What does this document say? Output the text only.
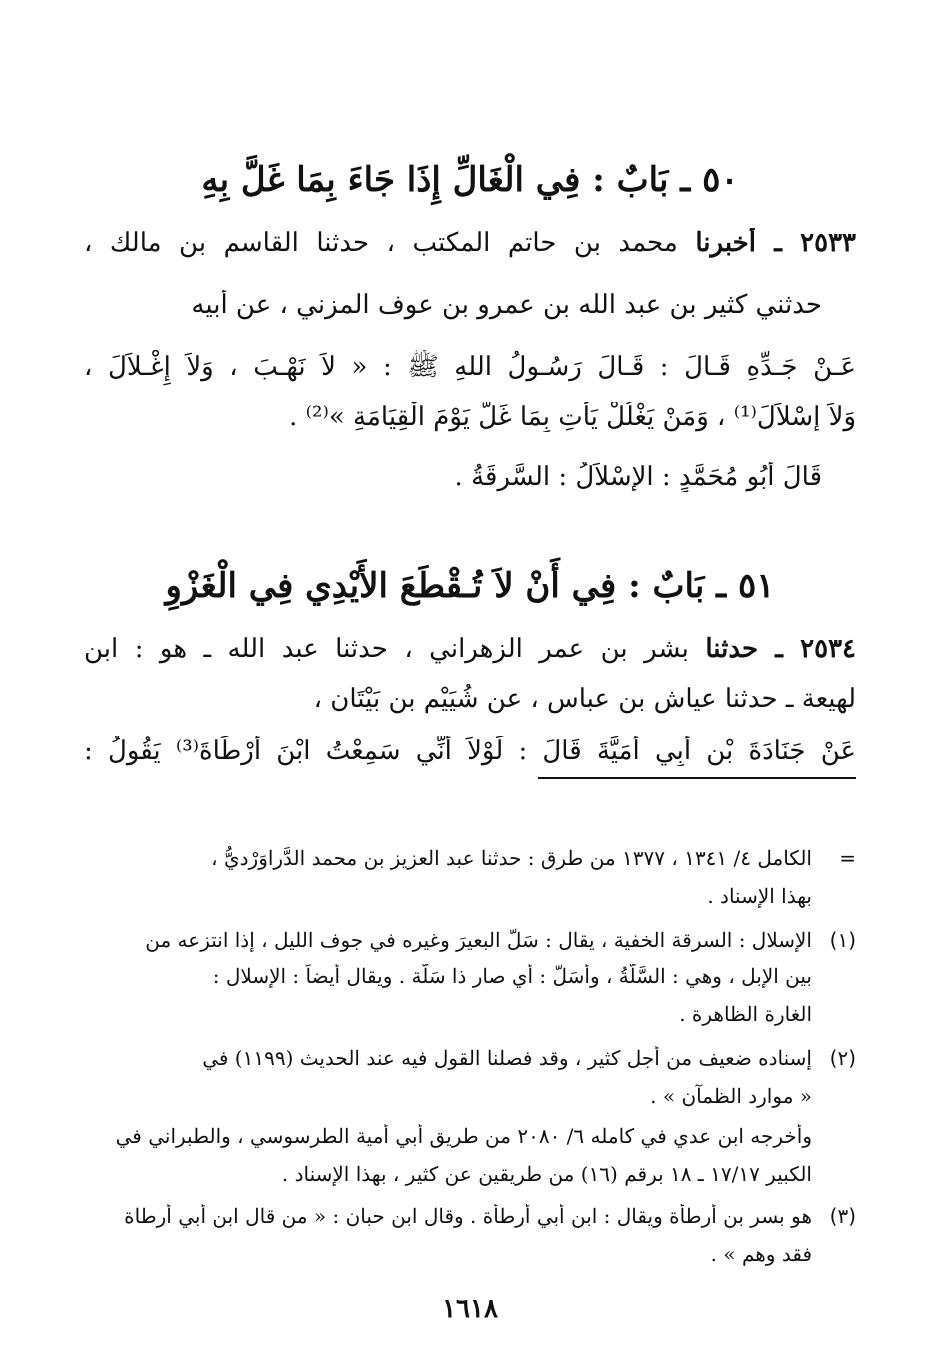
٥٠ ـ بَابٌ : فِي الْغَالِّ إِذَا جَاءَ بِمَا غَلَّ بِهِ
٢٥٣٣ ـ أخبرنا محمد بن حاتم المكتب ، حدثنا القاسم بن مالك ،
حدثني كثير بن عبد الله بن عمرو بن عوف المزني ، عن أبيه
عَـنْ جَـدِّهِ قَـالَ : قَـالَ رَسُـولُ اللهِ ﷺ : « لاَ نَهْـبَ ، وَلاَ إِغْـلاَلَ ،
وَلاَ إِسْلاَلَ⁽¹⁾ ، وَمَنْ يَغْلُلْ يَأْتِ بِمَا غَلَّ يَوْمَ الْقِيَامَةِ »⁽²⁾ .
قَالَ أَبُو مُحَمَّدٍ : الإِسْلاَلُ : السَّرِقَةُ .
٥١ ـ بَابٌ : فِي أَنْ لاَ تُـقْطَعَ الأَيْدِي فِي الْغَزْوِ
٢٥٣٤ ـ حدثنا بشر بن عمر الزهراني ، حدثنا عبد الله ـ هو : ابن
لهيعة ـ حدثنا عياش بن عباس ، عن شُيَيْمِ بن بَيْتَان ،
عَنْ جَنَادَةَ بْنِ أَبِي أُمَيَّةَ قَالَ : لَوْلاَ أَنِّي سَمِعْتُ ابْنَ أَرْطَاةَ⁽³⁾ يَقُولُ :
=الكامل ٤/ ١٣٤١ ، ١٣٧٧ من طرق : حدثنا عبد العزيز بن محمد الدَّراوَرْديُّ ،
بهذا الإسناد .
(١)الإسلال : السرقة الخفية ، يقال : سَلَّ البعيرَ وغيره في جوف الليل ، إذا انتزعه من
بين الإبل ، وهي : السَّلَّةُ ، وأَسَلَّ : أي صار ذا سَلَّة . ويقال أيضاً : الإسلال :
الغارة الظاهرة .
(٢)إسناده ضعيف من أجل كثير ، وقد فصلنا القول فيه عند الحديث (١١٩٩) في
« موارد الظمآن » .
وأخرجه ابن عدي في كامله ٦/ ٢٠٨٠ من طريق أبي أمية الطرسوسي ، والطبراني في
الكبير ١٧/١٧ ـ ١٨ برقم (١٦) من طريقين عن كثير ، بهذا الإسناد .
(٣)هو بسر بن أرطأة ويقال : ابن أبي أرطأة . وقال ابن حبان : « من قال ابن أبي أرطاة
فقد وهم » .
١٦١٨
